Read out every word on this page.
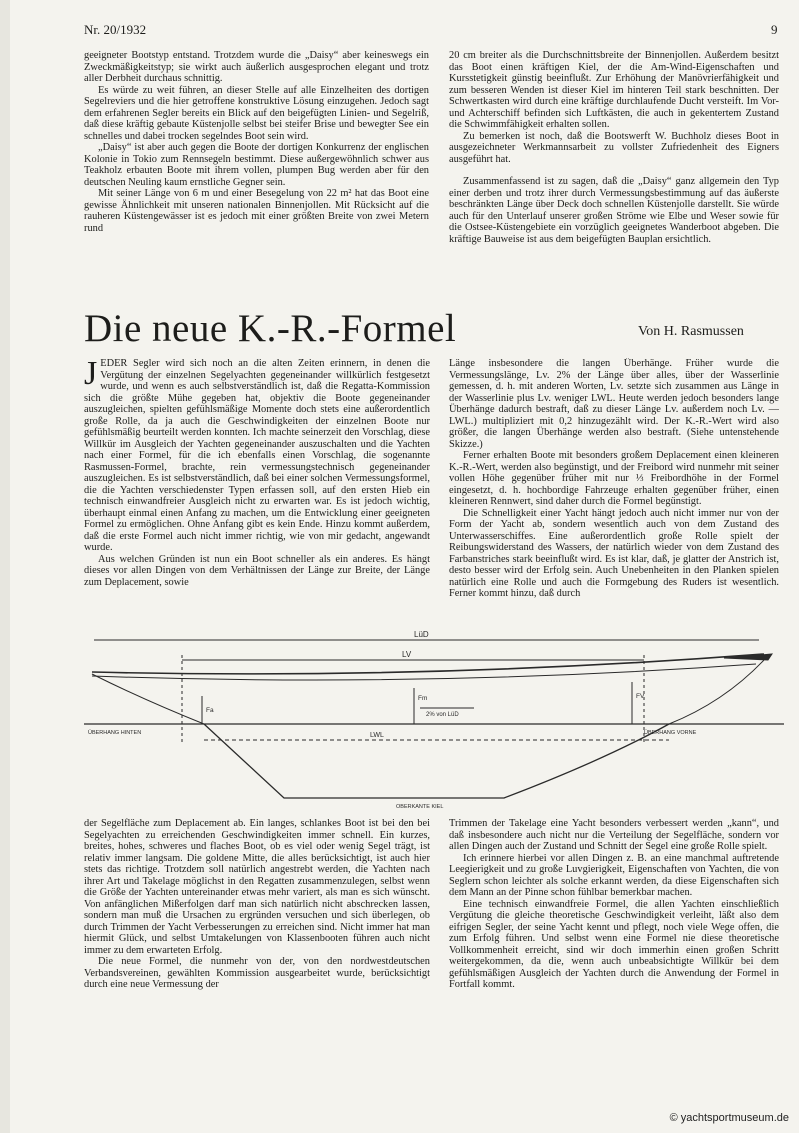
Nr. 20/1932	9

geeigneter Bootstyp entstand. Trotzdem wurde die „Daisy“ aber keineswegs ein Zweckmäßigkeitstyp; sie wirkt auch äußerlich ausgesprochen elegant und trotz aller Derbheit durchaus schnittig.

Es würde zu weit führen, an dieser Stelle auf alle Einzelheiten des dortigen Segelreviers und die hier getroffene konstruktive Lösung einzugehen. Jedoch sagt dem erfahrenen Segler bereits ein Blick auf den beigefügten Linien- und Segelriß, daß diese kräftig gebaute Küstenjolle selbst bei steifer Brise und bewegter See ein schnelles und dabei trocken segelndes Boot sein wird.

„Daisy“ ist aber auch gegen die Boote der dortigen Konkurrenz der englischen Kolonie in Tokio zum Rennsegeln bestimmt. Diese außergewöhnlich schwer aus Teakholz erbauten Boote mit ihrem vollen, plumpen Bug werden aber für den deutschen Neuling kaum ernstliche Gegner sein.

Mit seiner Länge von 6 m und einer Besegelung von 22 m² hat das Boot eine gewisse Ähnlichkeit mit unseren nationalen Binnenjollen. Mit Rücksicht auf die rauheren Küstengewässer ist es jedoch mit einer größten Breite von zwei Metern rund

20 cm breiter als die Durchschnittsbreite der Binnenjollen. Außerdem besitzt das Boot einen kräftigen Kiel, der die Am-Wind-Eigenschaften und Kursstetigkeit günstig beeinflußt. Zur Erhöhung der Manövrierfähigkeit und zum besseren Wenden ist dieser Kiel im hinteren Teil stark beschnitten. Der Schwertkasten wird durch eine kräftige durchlaufende Ducht versteift. Im Vor- und Achterschiff befinden sich Luftkästen, die auch in gekentertem Zustand die Schwimmfähigkeit erhalten sollen.

Zu bemerken ist noch, daß die Bootswerft W. Buchholz dieses Boot in ausgezeichneter Werkmannsarbeit zu vollster Zufriedenheit des Eigners ausgeführt hat.

Zusammenfassend ist zu sagen, daß die „Daisy“ ganz allgemein den Typ einer derben und trotz ihrer durch Vermessungsbestimmung auf das äußerste beschränkten Länge über Deck doch schnellen Küstenjolle darstellt. Sie würde auch für den Unterlauf unserer großen Ströme wie Elbe und Weser sowie für die Ostsee-Küstengebiete ein vorzüglich geeignetes Wanderboot abgeben. Die kräftige Bauweise ist aus dem beigefügten Bauplan ersichtlich.

Die neue K.-R.-Formel	Von H. Rasmussen

JEDER Segler wird sich noch an die alten Zeiten erinnern, in denen die Vergütung der einzelnen Segelyachten gegeneinander willkürlich festgesetzt wurde, und wenn es auch selbstverständlich ist, daß die Regatta-Kommission sich die größte Mühe gegeben hat, objektiv die Boote gegeneinander auszugleichen, spielten gefühlsmäßige Momente doch stets eine außerordentlich große Rolle, da ja auch die Geschwindigkeiten der einzelnen Boote nur gefühlsmäßig beurteilt werden konnten. Ich machte seinerzeit den Vorschlag, diese Willkür im Ausgleich der Yachten gegeneinander auszuschalten und die Yachten nach einer Formel, für die ich ebenfalls einen Vorschlag, die sogenannte Rasmussen-Formel, brachte, rein vermessungstechnisch gegeneinander auszugleichen. Es ist selbstverständlich, daß bei einer solchen Vermessungsformel, die die Yachten verschiedenster Typen erfassen soll, auf den ersten Hieb ein technisch einwandfreier Ausgleich nicht zu erwarten war. Es ist jedoch wichtig, überhaupt einmal einen Anfang zu machen, um die Entwicklung einer geeigneten Formel zu ermöglichen. Ohne Anfang gibt es kein Ende. Hinzu kommt außerdem, daß die erste Formel auch nicht immer richtig, wie von mir gedacht, angewandt wurde.

Aus welchen Gründen ist nun ein Boot schneller als ein anderes. Es hängt dieses vor allen Dingen von dem Verhältnissen der Länge zur Breite, der Länge zum Deplacement, sowie

Länge insbesondere die langen Überhänge. Früher wurde die Vermessungslänge, Lv. 2% der Länge über alles, über der Wasserlinie gemessen, d. h. mit anderen Worten, Lv. setzte sich zusammen aus Länge in der Wasserlinie plus Lv. weniger LWL. Heute werden jedoch besonders lange Überhänge dadurch bestraft, daß zu dieser Länge Lv. außerdem noch Lv. — LWL.) multipliziert mit 0,2 hinzugezählt wird. Der K.-R.-Wert wird also größer, die langen Überhänge werden also bestraft. (Siehe untenstehende Skizze.)

Ferner erhalten Boote mit besonders großem Deplacement einen kleineren K.-R.-Wert, werden also begünstigt, und der Freibord wird nunmehr mit seiner vollen Höhe gegenüber früher mit nur ⅓ Freibordhöhe in der Formel eingesetzt, d. h. hochbordige Fahrzeuge erhalten gegenüber früher, einen kleineren Rennwert, sind daher durch die Formel begünstigt.

Die Schnelligkeit einer Yacht hängt jedoch auch nicht immer nur von der Form der Yacht ab, sondern wesentlich auch von dem Zustand des Unterwasserschiffes. Eine außerordentlich große Rolle spielt der Reibungswiderstand des Wassers, der natürlich wieder von dem Zustand des Farbanstriches stark beeinflußt wird. Es ist klar, daß, je glatter der Anstrich ist, desto besser wird der Erfolg sein. Auch Unebenheiten in den Planken spielen natürlich eine Rolle und auch die Formgebung des Ruders ist wesentlich. Ferner kommt hinzu, daß durch

LüD
LV
Fa
Fm	FV
2% von LüD
LWL
ÜBERHANG HINTEN	ÜBERHANG VORNE
OBERKANTE KIEL

der Segelfläche zum Deplacement ab. Ein langes, schlankes Boot ist bei den bei Segelyachten zu erreichenden Geschwindigkeiten immer schnell. Ein kurzes, breites, hohes, schweres und flaches Boot, ob es viel oder wenig Segel trägt, ist relativ immer langsam. Die goldene Mitte, die alles berücksichtigt, ist auch hier stets das richtige. Trotzdem soll natürlich angestrebt werden, die Yachten nach ihrer Art und Takelage möglichst in den Regatten zusammenzulegen, selbst wenn die Größe der Yachten untereinander etwas mehr variert, als man es sich wünscht. Von anfänglichen Mißerfolgen darf man sich natürlich nicht abschrecken lassen, sondern man muß die Ursachen zu ergründen versuchen und sich überlegen, ob durch Trimmen der Yacht Verbesserungen zu erreichen sind. Nicht immer hat man hiermit Glück, und selbst Umtakelungen von Klassenbooten führen auch nicht immer zu dem erwarteten Erfolg.

Die neue Formel, die nunmehr von der, von den nordwestdeutschen Verbandsvereinen, gewählten Kommission ausgearbeitet wurde, berücksichtigt durch eine neue Vermessung der

Trimmen der Takelage eine Yacht besonders verbessert werden „kann“, und daß insbesondere auch nicht nur die Verteilung der Segelfläche, sondern vor allen Dingen auch der Zustand und Schnitt der Segel eine große Rolle spielt.

Ich erinnere hierbei vor allen Dingen z. B. an eine manchmal auftretende Leegierigkeit und zu große Luvgierigkeit, Eigenschaften von Yachten, die von Seglern schon leichter als solche erkannt werden, da diese Eigenschaften sich dem Mann an der Pinne schon fühlbar bemerkbar machen.

Eine technisch einwandfreie Formel, die allen Yachten einschließlich Vergütung die gleiche theoretische Geschwindigkeit verleiht, läßt also dem eifrigen Segler, der seine Yacht kennt und pflegt, noch viele Wege offen, die zum Erfolg führen. Und selbst wenn eine Formel nie diese theoretische Vollkommenheit erreicht, sind wir doch immerhin einen großen Schritt weitergekommen, da die, wenn auch unbeabsichtigte Willkür bei dem gefühlsmäßigen Ausgleich der Yachten durch die Anwendung der Formel in Fortfall kommt.

© yachtsportmuseum.de
